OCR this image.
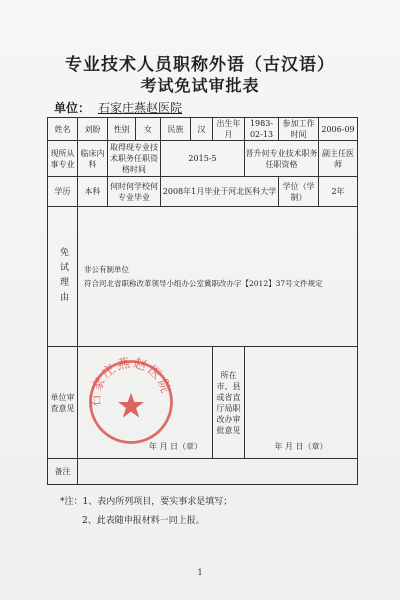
专业技术人员职称外语（古汉语）
考试免试审批表
单位： 石家庄燕赵医院
姓名	刘盼	性别	女	民族	汉	出生年月	1983-02-13	参加工作时间	2006-09
现所从事专业	临床内科	取得现专业技术职务任职资格时间		2015-5			晋升何专业技术职务任职资格		副主任医师
学历	本科	何时何学校何专业毕业		2008年1月毕业于河北医科大学				学位（学制）	2年

免试理由	非公有制单位
符合河北省职称改革领导小组办公室冀职改办字【2012】37号文件规定								

单位审查意见	年 月 日（章）					所在市、县或省直厅局职改办审批意见	年 月 日（章）		

备注									
石家庄燕赵医院
*注：1、表内所列项目，要实事求是填写；
2、此表随申报材料一同上报。
1
